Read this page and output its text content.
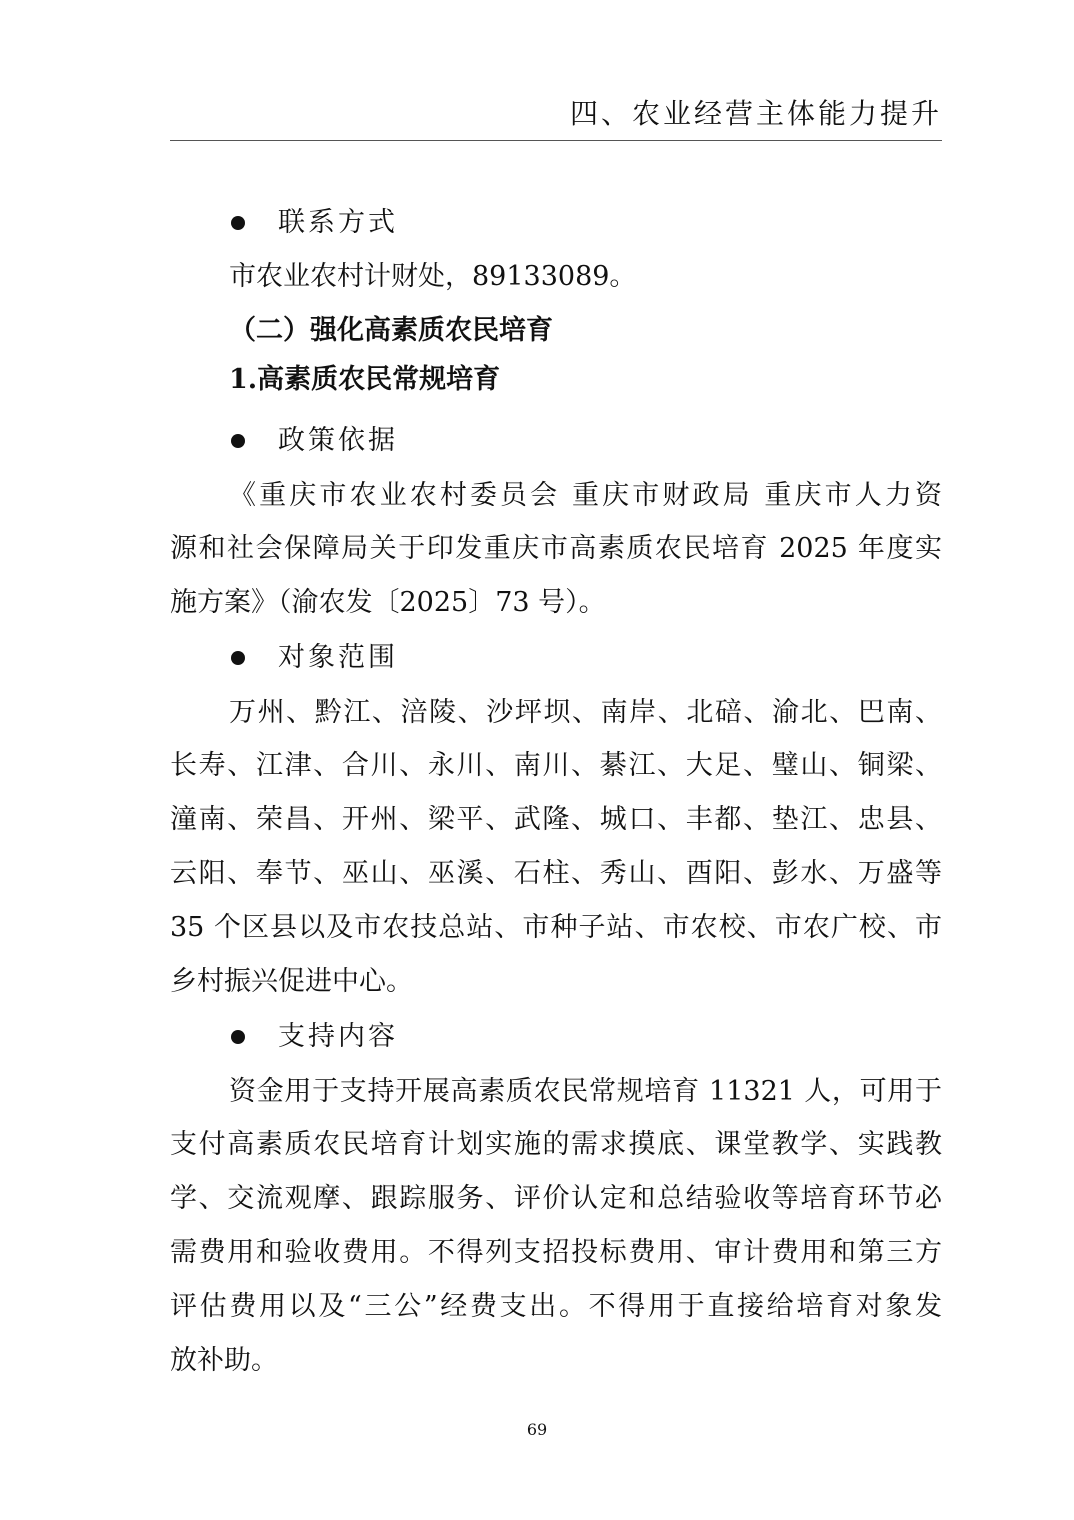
四、农业经营主体能力提升
联系方式
市农业农村计财处，89133089。
（二）强化高素质农民培育
1.高素质农民常规培育
政策依据
《重庆市农业农村委员会 重庆市财政局 重庆市人力资
源和社会保障局关于印发重庆市高素质农民培育 2025 年度实
施方案》（渝农发〔2025〕73 号）。
对象范围
万州、黔江、涪陵、沙坪坝、南岸、北碚、渝北、巴南、
长寿、江津、合川、永川、南川、綦江、大足、璧山、铜梁、
潼南、荣昌、开州、梁平、武隆、城口、丰都、垫江、忠县、
云阳、奉节、巫山、巫溪、石柱、秀山、酉阳、彭水、万盛等
35 个区县以及市农技总站、市种子站、市农校、市农广校、市
乡村振兴促进中心。
支持内容
资金用于支持开展高素质农民常规培育 11321 人，可用于
支付高素质农民培育计划实施的需求摸底、课堂教学、实践教
学、交流观摩、跟踪服务、评价认定和总结验收等培育环节必
需费用和验收费用。不得列支招投标费用、审计费用和第三方
评估费用以及“三公”经费支出。不得用于直接给培育对象发
放补助。
69
